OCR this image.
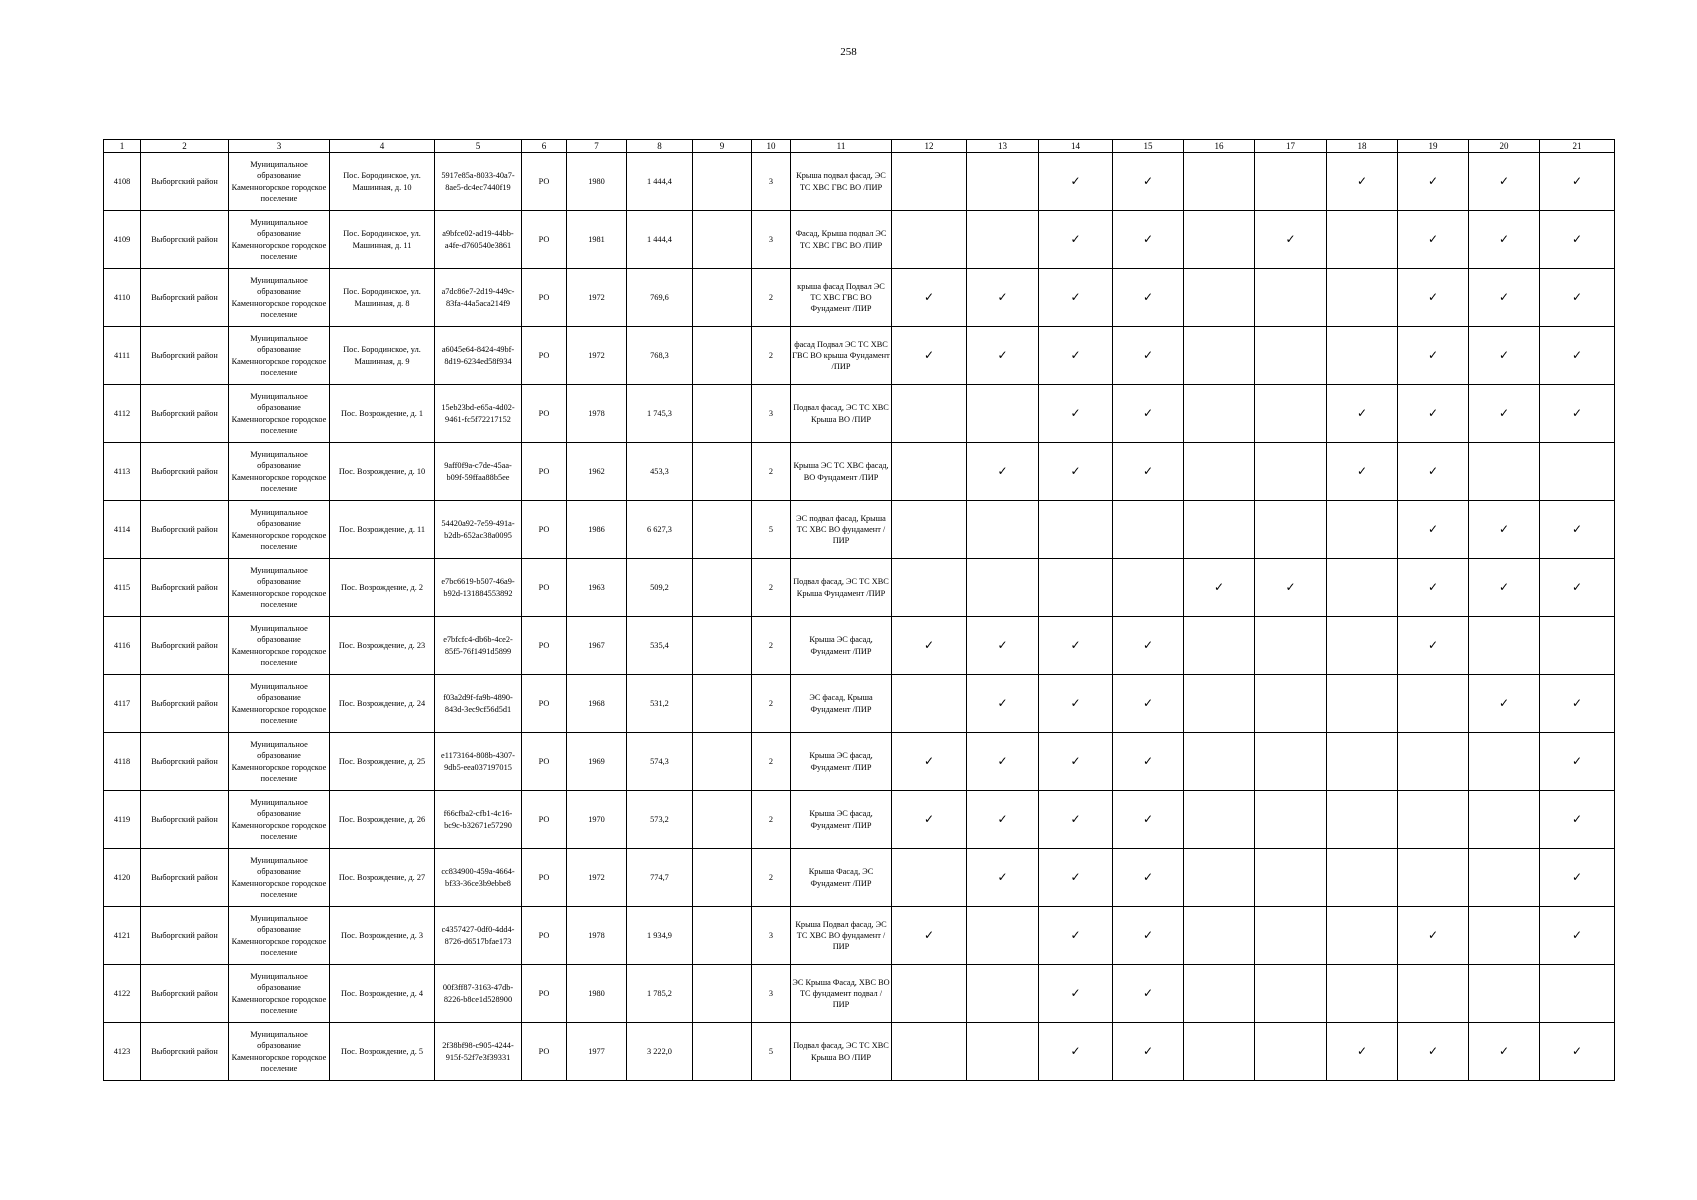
258
1	2	3	4	5	6	7	8	9	10	11	12	13	14	15	16	17	18	19	20	21
4108	Выборгский район	Муниципальное образование Каменногорское городское поселение	Пос. Бородинское, ул. Машинная, д. 10	5917e85a-8033-40a7-8ae5-dc4ec7440f19	РО	1980	1 444,4		3	Крыша подвал фасад, ЭС ТС ХВС ГВС ВО /ПИР			✓	✓			✓	✓	✓	✓
4109	Выборгский район	Муниципальное образование Каменногорское городское поселение	Пос. Бородинское, ул. Машинная, д. 11	a9bfce02-ad19-44bb-a4fe-d760540e3861	РО	1981	1 444,4		3	Фасад, Крыша подвал ЭС ТС ХВС ГВС ВО /ПИР			✓	✓		✓		✓	✓	✓
4110	Выборгский район	Муниципальное образование Каменногорское городское поселение	Пос. Бородинское, ул. Машинная, д. 8	a7dc86e7-2d19-449c-83fa-44a5aca214f9	РО	1972	769,6		2	крыша фасад Подвал ЭС ТС ХВС ГВС ВО Фундамент /ПИР	✓	✓	✓	✓				✓	✓	✓
4111	Выборгский район	Муниципальное образование Каменногорское городское поселение	Пос. Бородинское, ул. Машинная, д. 9	a6045e64-8424-49bf-8d19-6234ed58f934	РО	1972	768,3		2	фасад Подвал ЭС ТС ХВС ГВС ВО крыша Фундамент /ПИР	✓	✓	✓	✓				✓	✓	✓
4112	Выборгский район	Муниципальное образование Каменногорское городское поселение	Пос. Возрождение, д. 1	15eb23bd-e65a-4d02-9461-fc5f72217152	РО	1978	1 745,3		3	Подвал фасад, ЭС ТС ХВС Крыша ВО /ПИР			✓	✓			✓	✓	✓	✓
4113	Выборгский район	Муниципальное образование Каменногорское городское поселение	Пос. Возрождение, д. 10	9aff0f9a-c7de-45aa-b09f-59ffaa88b5ee	РО	1962	453,3		2	Крыша ЭС ТС ХВС фасад, ВО Фундамент /ПИР		✓	✓	✓			✓	✓		
4114	Выборгский район	Муниципальное образование Каменногорское городское поселение	Пос. Возрождение, д. 11	54420a92-7e59-491a-b2db-652ac38a0095	РО	1986	6 627,3		5	ЭС подвал фасад, Крыша ТС ХВС ВО фундамент /ПИР								✓	✓	✓
4115	Выборгский район	Муниципальное образование Каменногорское городское поселение	Пос. Возрождение, д. 2	e7bc6619-b507-46a9-b92d-131884553892	РО	1963	509,2		2	Подвал фасад, ЭС ТС ХВС Крыша Фундамент /ПИР					✓	✓		✓	✓	✓
4116	Выборгский район	Муниципальное образование Каменногорское городское поселение	Пос. Возрождение, д. 23	e7bfcfc4-db6b-4ce2-85f5-76f1491d5899	РО	1967	535,4		2	Крыша ЭС фасад, Фундамент /ПИР	✓	✓	✓	✓				✓		
4117	Выборгский район	Муниципальное образование Каменногорское городское поселение	Пос. Возрождение, д. 24	f03a2d9f-fa9b-4890-843d-3ec9cf56d5d1	РО	1968	531,2		2	ЭС фасад, Крыша Фундамент /ПИР		✓	✓	✓					✓	✓
4118	Выборгский район	Муниципальное образование Каменногорское городское поселение	Пос. Возрождение, д. 25	e1173164-808b-4307-9db5-eea037197015	РО	1969	574,3		2	Крыша ЭС фасад, Фундамент /ПИР	✓	✓	✓	✓						✓
4119	Выборгский район	Муниципальное образование Каменногорское городское поселение	Пос. Возрождение, д. 26	f66cfba2-cfb1-4c16-bc9c-b32671e57290	РО	1970	573,2		2	Крыша ЭС фасад, Фундамент /ПИР	✓	✓	✓	✓						✓
4120	Выборгский район	Муниципальное образование Каменногорское городское поселение	Пос. Возрождение, д. 27	cc834900-459a-4664-bf33-36ce3b9ebbe8	РО	1972	774,7		2	Крыша Фасад, ЭС Фундамент /ПИР		✓	✓	✓						✓
4121	Выборгский район	Муниципальное образование Каменногорское городское поселение	Пос. Возрождение, д. 3	c4357427-0df0-4dd4-8726-d6517bfae173	РО	1978	1 934,9		3	Крыша Подвал фасад, ЭС ТС ХВС ВО фундамент /ПИР	✓		✓	✓				✓		✓
4122	Выборгский район	Муниципальное образование Каменногорское городское поселение	Пос. Возрождение, д. 4	00f3ff87-3163-47db-8226-b8ce1d528900	РО	1980	1 785,2		3	ЭС Крыша Фасад, ХВС ВО ТС фундамент подвал /ПИР			✓	✓						
4123	Выборгский район	Муниципальное образование Каменногорское городское поселение	Пос. Возрождение, д. 5	2f38bf98-c905-4244-915f-52f7e3f39331	РО	1977	3 222,0		5	Подвал фасад, ЭС ТС ХВС Крыша ВО /ПИР			✓	✓			✓	✓	✓	✓
